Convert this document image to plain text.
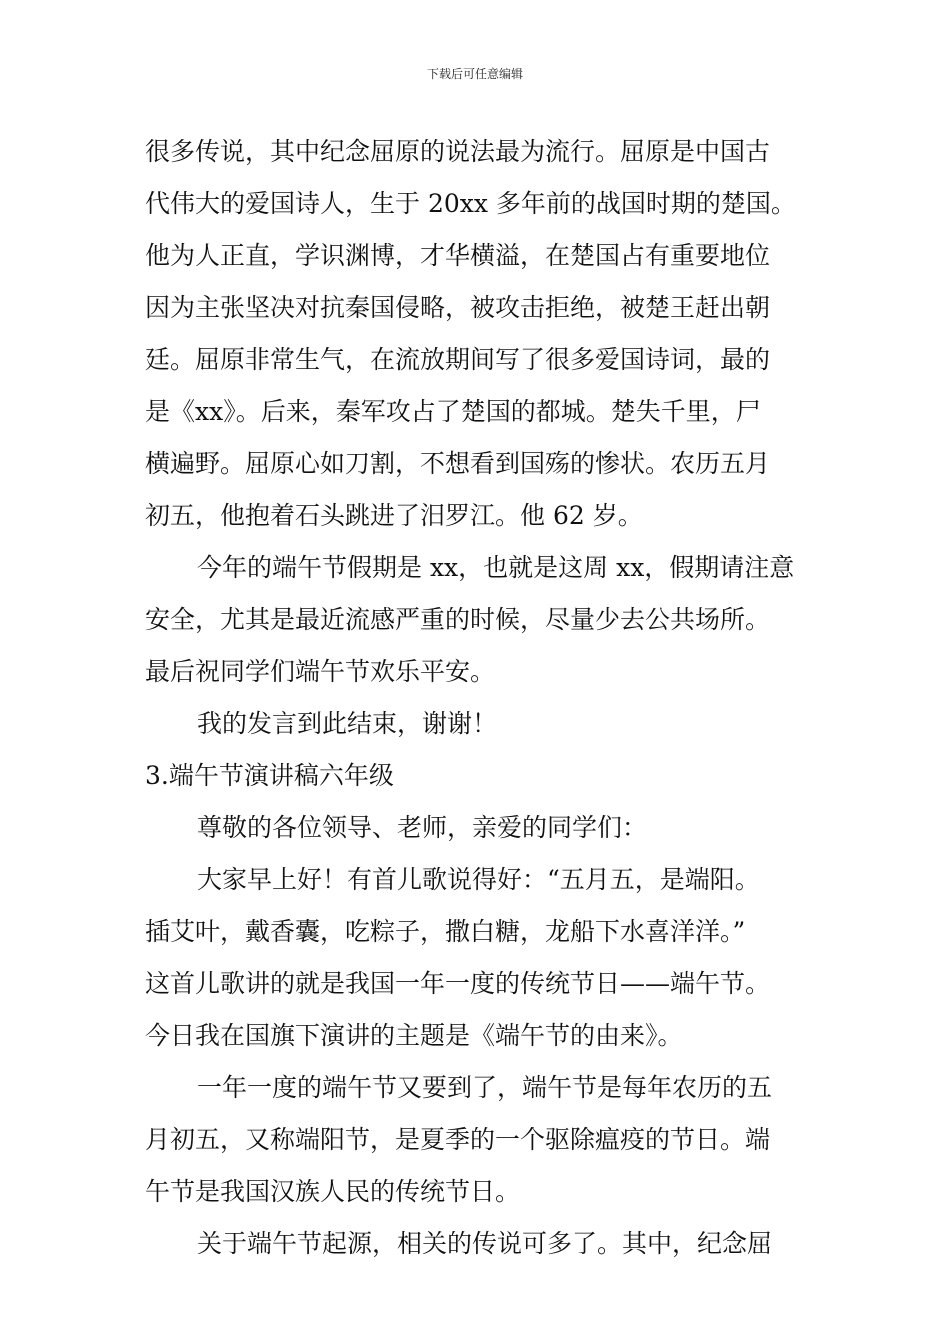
下载后可任意编辑
很多传说，其中纪念屈原的说法最为流行。屈原是中国古
代伟大的爱国诗人，生于 20xx 多年前的战国时期的楚国。
他为人正直，学识渊博，才华横溢，在楚国占有重要地位
因为主张坚决对抗秦国侵略，被攻击拒绝，被楚王赶出朝
廷。屈原非常生气，在流放期间写了很多爱国诗词，最的
是《xx》。后来，秦军攻占了楚国的都城。楚失千里，尸
横遍野。屈原心如刀割，不想看到国殇的惨状。农历五月
初五，他抱着石头跳进了汨罗江。他 62 岁。
今年的端午节假期是 xx，也就是这周 xx，假期请注意
安全，尤其是最近流感严重的时候，尽量少去公共场所。
最后祝同学们端午节欢乐平安。
我的发言到此结束，谢谢！
3.端午节演讲稿六年级
尊敬的各位领导、老师，亲爱的同学们：
大家早上好！有首儿歌说得好：“五月五，是端阳。
插艾叶，戴香囊，吃粽子，撒白糖，龙船下水喜洋洋。”
这首儿歌讲的就是我国一年一度的传统节日——端午节。
今日我在国旗下演讲的主题是《端午节的由来》。
一年一度的端午节又要到了，端午节是每年农历的五
月初五，又称端阳节，是夏季的一个驱除瘟疫的节日。端
午节是我国汉族人民的传统节日。
关于端午节起源，相关的传说可多了。其中，纪念屈
